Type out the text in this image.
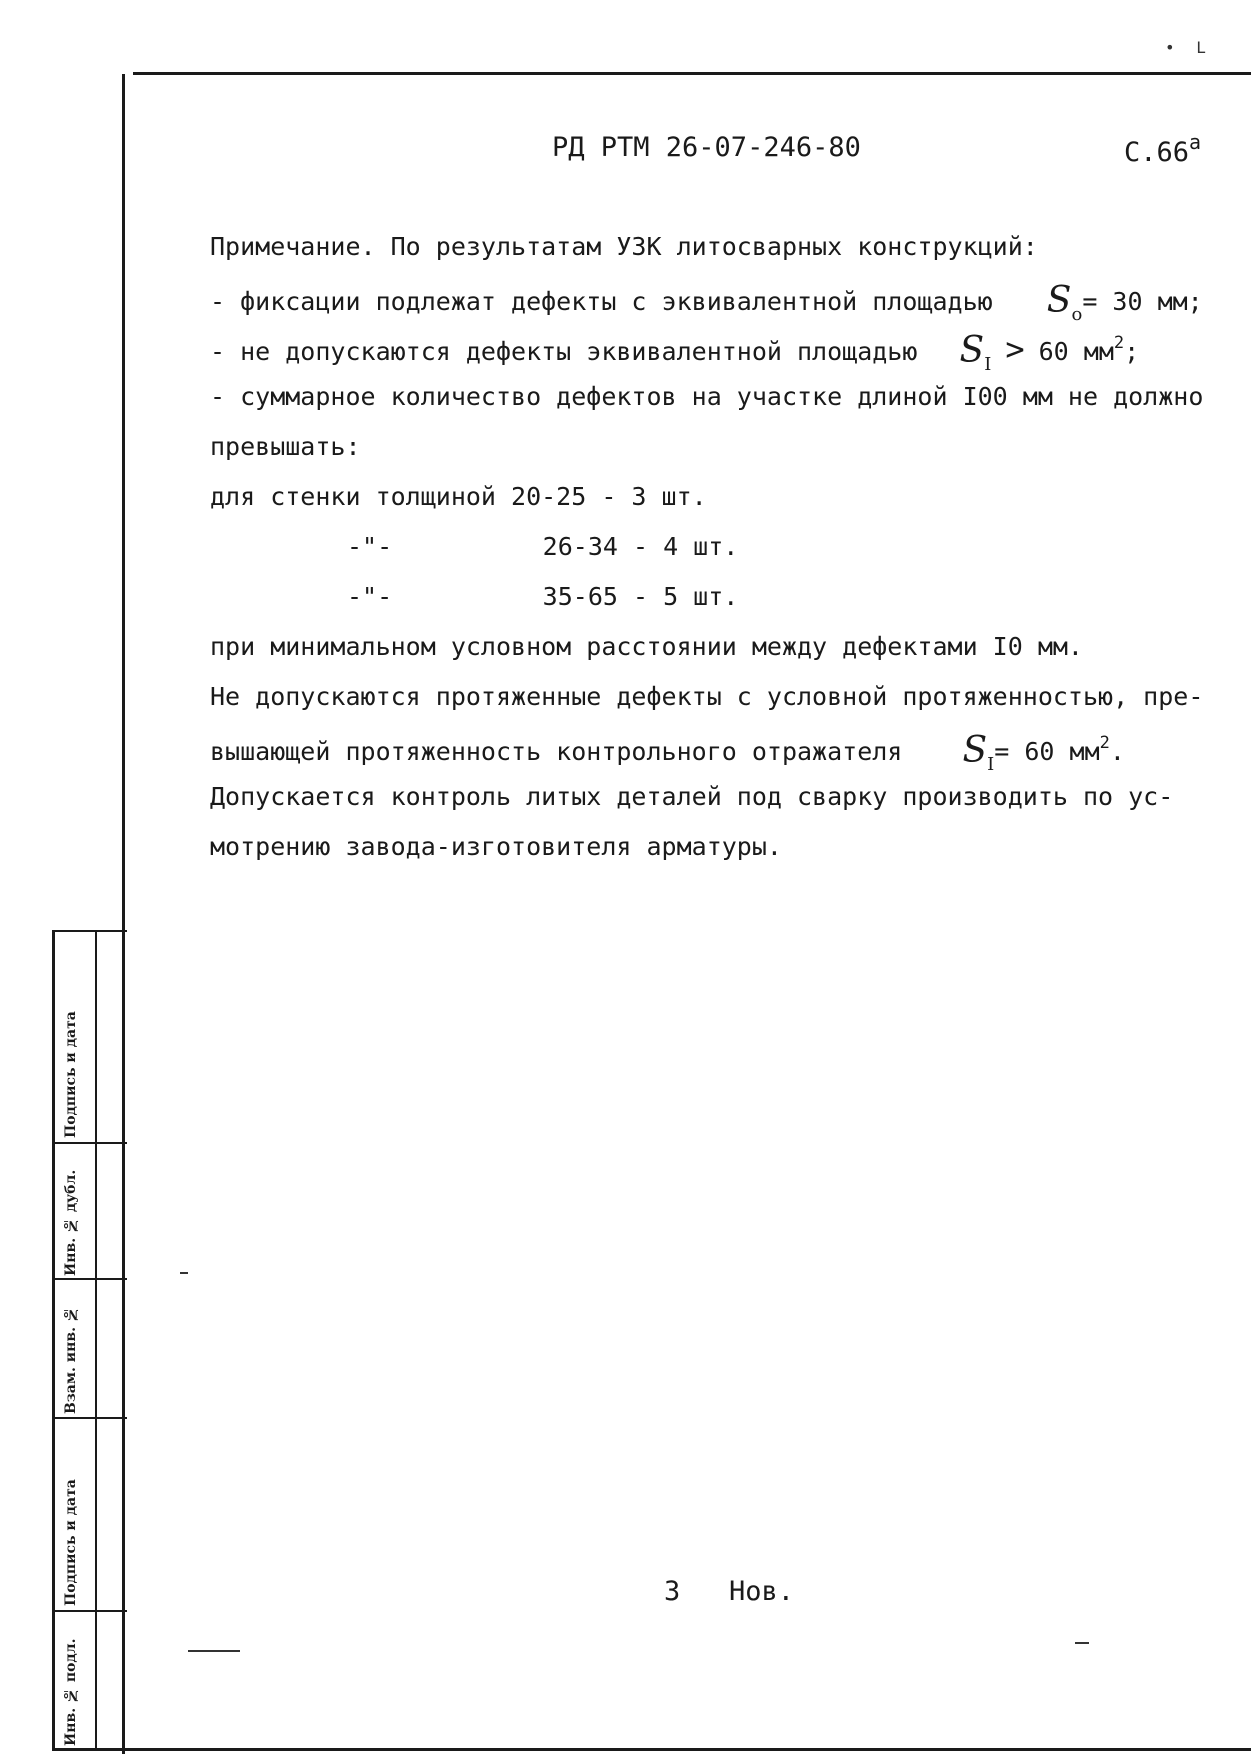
• L
РД РТМ 26-07-246-80	$С.66^а$
Примечание. По результатам УЗК литосварных конструкций:
- фиксации подлежат дефекты с эквивалентной площадью $S_o= 30$ мм;
- не допускаются дефекты эквивалентной площадью $S_I > 60$ $мм^2$;
- суммарное количество дефектов на участке длиной I00 мм не должно
превышать:
для стенки толщиной 20-25 - 3 шт.
-"-          26-34 - 4 шт.
-"-          35-65 - 5 шт.
при минимальном условном расстоянии между дефектами I0 мм.
Не допускаются протяженные дефекты с условной протяженностью, пре-
вышающей протяженность контрольного отражателя $S_I= 60$ $мм^2$.
Допускается контроль литых деталей под сварку производить по ус-
мотрению завода-изготовителя арматуры.
3   Нов.
Подпись и дата
Инв. № дубл.
Взам. инв. №
Подпись и дата
Инв. № подл.
